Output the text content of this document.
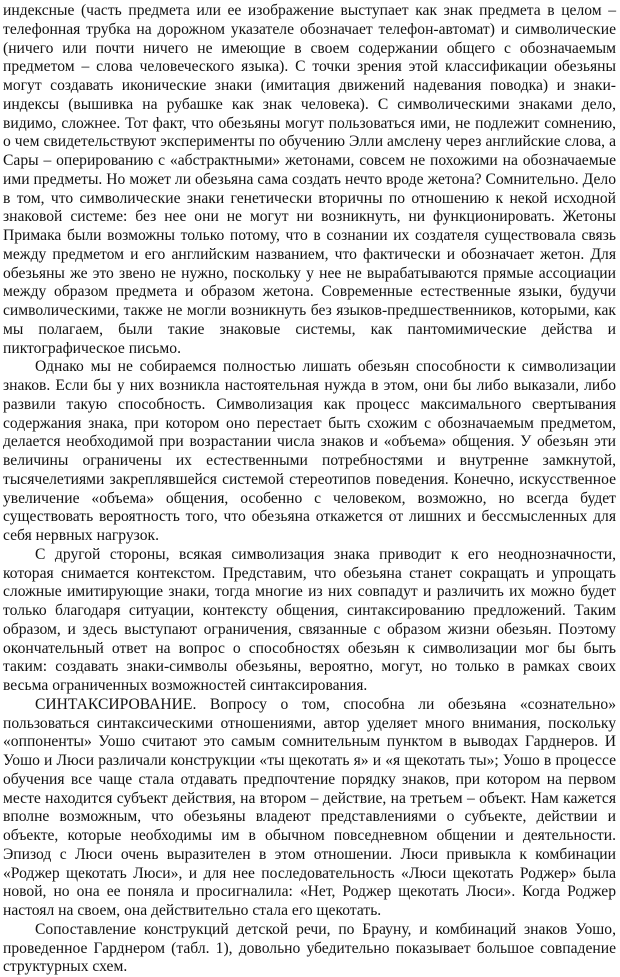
индексные (часть предмета или ее изображение выступает как знак предмета в целом – телефонная трубка на дорожном указателе обозначает телефон-автомат) и символические (ничего или почти ничего не имеющие в своем содержании общего с обозначаемым предметом – слова человеческого языка). С точки зрения этой классификации обезьяны могут создавать иконические знаки (имитация движений надевания поводка) и знаки-индексы (вышивка на рубашке как знак человека). С символическими знаками дело, видимо, сложнее. Тот факт, что обезьяны могут пользоваться ими, не подлежит сомнению, о чем свидетельствуют эксперименты по обучению Элли амслену через английские слова, а Сары – оперированию с «абстрактными» жетонами, совсем не похожими на обозначаемые ими предметы. Но может ли обезьяна сама создать нечто вроде жетона? Сомнительно. Дело в том, что символические знаки генетически вторичны по отношению к некой исходной знаковой системе: без нее они не могут ни возникнуть, ни функционировать. Жетоны Примака были возможны только потому, что в сознании их создателя существовала связь между предметом и его английским названием, что фактически и обозначает жетон. Для обезьяны же это звено не нужно, поскольку у нее не вырабатываются прямые ассоциации между образом предмета и образом жетона. Современные естественные языки, будучи символическими, также не могли возникнуть без языков-предшественников, которыми, как мы полагаем, были такие знаковые системы, как пантомимические действа и пиктографическое письмо.

Однако мы не собираемся полностью лишать обезьян способности к символизации знаков. Если бы у них возникла настоятельная нужда в этом, они бы либо выказали, либо развили такую способность. Символизация как процесс максимального свертывания содержания знака, при котором оно перестает быть схожим с обозначаемым предметом, делается необходимой при возрастании числа знаков и «объема» общения. У обезьян эти величины ограничены их естественными потребностями и внутренне замкнутой, тысячелетиями закреплявшейся системой стереотипов поведения. Конечно, искусственное увеличение «объема» общения, особенно с человеком, возможно, но всегда будет существовать вероятность того, что обезьяна откажется от лишних и бессмысленных для себя нервных нагрузок.

С другой стороны, всякая символизация знака приводит к его неоднозначности, которая снимается контекстом. Представим, что обезьяна станет сокращать и упрощать сложные имитирующие знаки, тогда многие из них совпадут и различить их можно будет только благодаря ситуации, контексту общения, синтаксированию предложений. Таким образом, и здесь выступают ограничения, связанные с образом жизни обезьян. Поэтому окончательный ответ на вопрос о способностях обезьян к символизации мог бы быть таким: создавать знаки-символы обезьяны, вероятно, могут, но только в рамках своих весьма ограниченных возможностей синтаксирования.

СИНТАКСИРОВАНИЕ. Вопросу о том, способна ли обезьяна «сознательно» пользоваться синтаксическими отношениями, автор уделяет много внимания, поскольку «оппоненты» Уошо считают это самым сомнительным пунктом в выводах Гарднеров. И Уошо и Люси различали конструкции «ты щекотать я» и «я щекотать ты»; Уошо в процессе обучения все чаще стала отдавать предпочтение порядку знаков, при котором на первом месте находится субъект действия, на втором – действие, на третьем – объект. Нам кажется вполне возможным, что обезьяны владеют представлениями о субъекте, действии и объекте, которые необходимы им в обычном повседневном общении и деятельности. Эпизод с Люси очень выразителен в этом отношении. Люси привыкла к комбинации «Роджер щекотать Люси», и для нее последовательность «Люси щекотать Роджер» была новой, но она ее поняла и просигналила: «Нет, Роджер щекотать Люси». Когда Роджер настоял на своем, она действительно стала его щекотать.

Сопоставление конструкций детской речи, по Брауну, и комбинаций знаков Уошо, проведенное Гарднером (табл. 1), довольно убедительно показывает большое совпадение структурных схем.
